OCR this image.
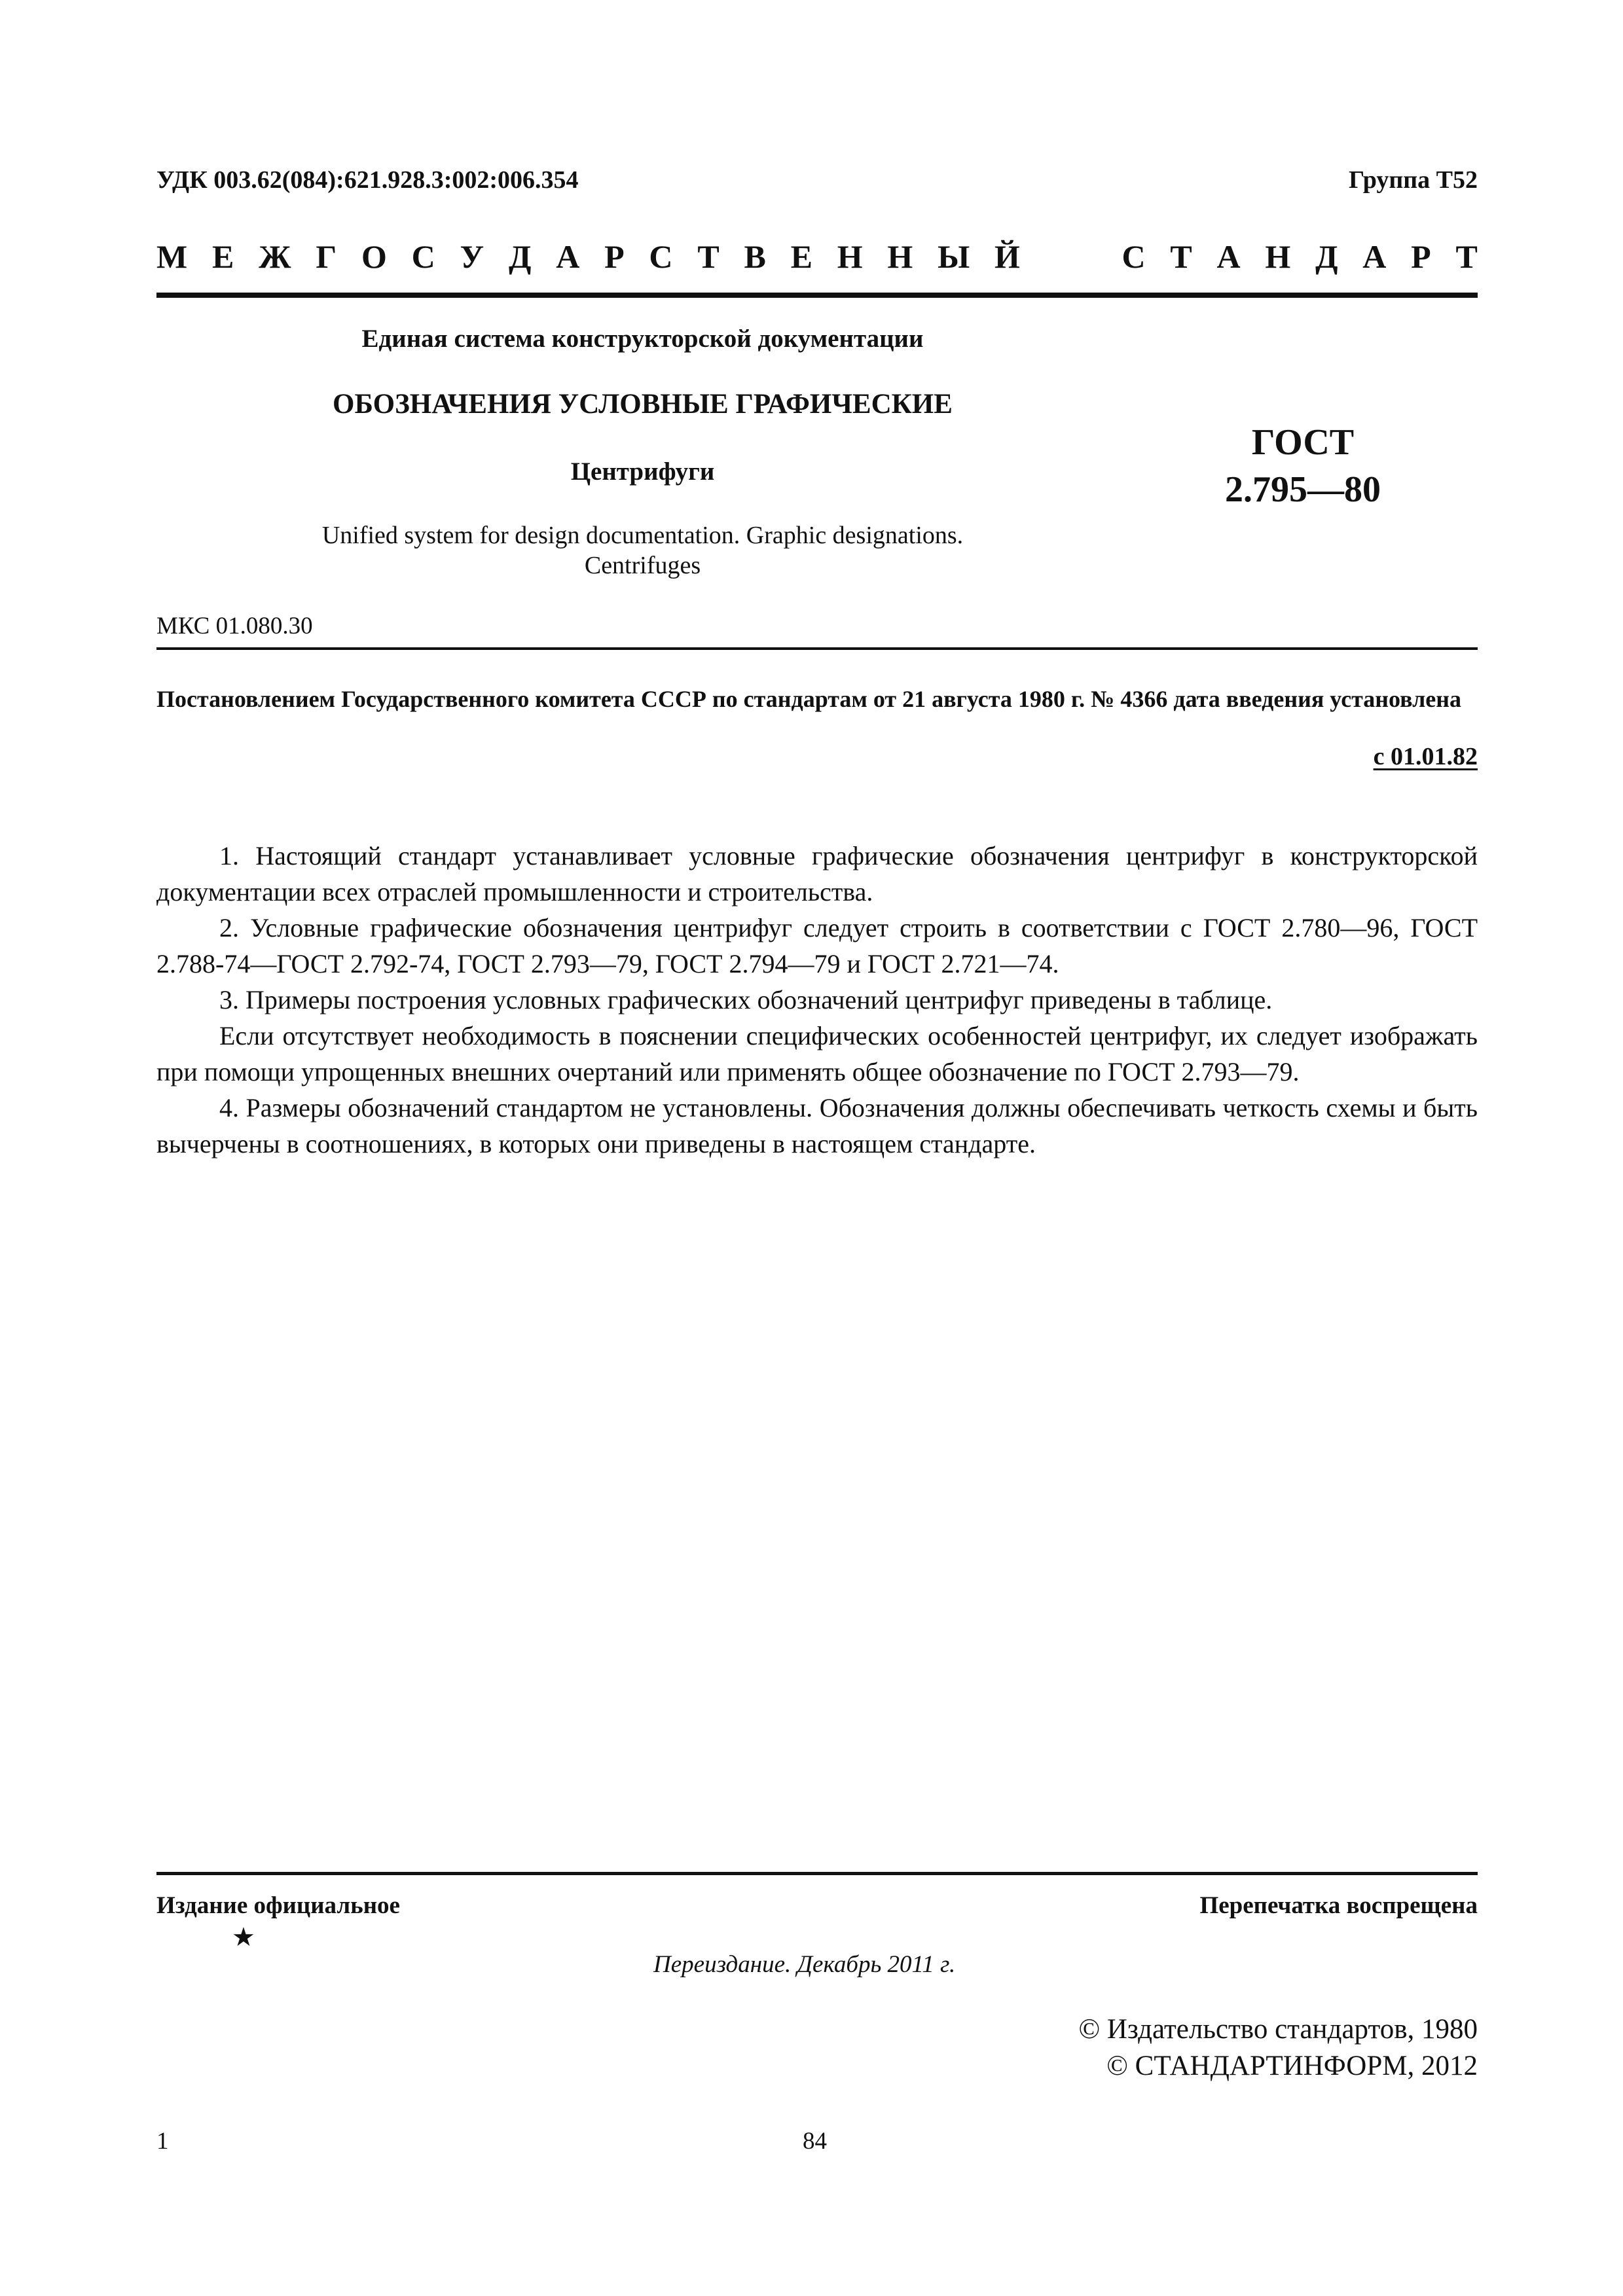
УДК 003.62(084):621.928.3:002:006.354	Группа Т52
М Е Ж Г О С У Д А Р С Т В Е Н Н Ы Й	С Т А Н Д А Р Т
Единая система конструкторской документации
ОБОЗНАЧЕНИЯ УСЛОВНЫЕ ГРАФИЧЕСКИЕ
Центрифуги
ГОСТ
2.795—80
Unified system for design documentation. Graphic designations.
Centrifuges
МКС 01.080.30
Постановлением Государственного комитета СССР по стандартам от 21 августа 1980 г. № 4366 дата введения установлена
с 01.01.82

1. Настоящий стандарт устанавливает условные графические обозначения центрифуг в конструкторской документации всех отраслей промышленности и строительства.

2. Условные графические обозначения центрифуг следует строить в соответствии с ГОСТ 2.780—96, ГОСТ 2.788-74—ГОСТ 2.792-74, ГОСТ 2.793—79, ГОСТ 2.794—79 и ГОСТ 2.721—74.

3. Примеры построения условных графических обозначений центрифуг приведены в таблице.

Если отсутствует необходимость в пояснении специфических особенностей центрифуг, их следует изображать при помощи упрощенных внешних очертаний или применять общее обозначение по ГОСТ 2.793—79.

4. Размеры обозначений стандартом не установлены. Обозначения должны обеспечивать четкость схемы и быть вычерчены в соотношениях, в которых они приведены в настоящем стандарте.

Издание официальное
★
Перепечатка воспрещена
Переиздание. Декабрь 2011 г.
© Издательство стандартов, 1980
© СТАНДАРТИНФОРМ, 2012
1	84
